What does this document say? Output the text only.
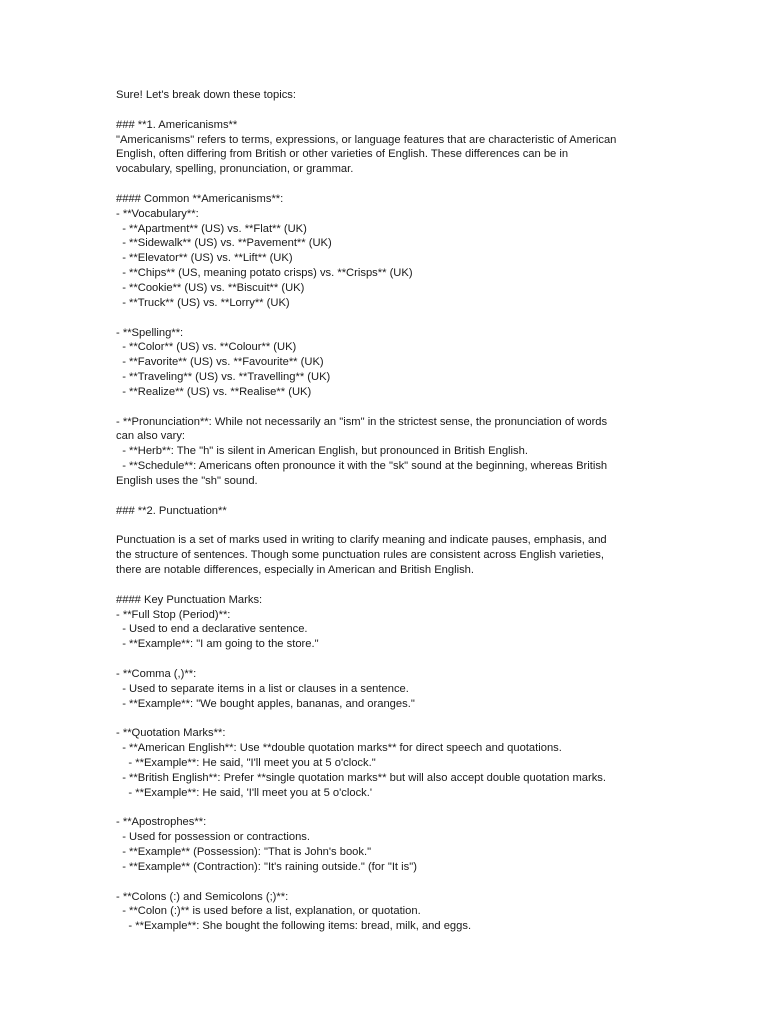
Sure! Let's break down these topics:
### **1. Americanisms**
"Americanisms" refers to terms, expressions, or language features that are characteristic of American
English, often differing from British or other varieties of English. These differences can be in
vocabulary, spelling, pronunciation, or grammar.
#### Common **Americanisms**:
- **Vocabulary**:
- **Apartment** (US) vs. **Flat** (UK)
- **Sidewalk** (US) vs. **Pavement** (UK)
- **Elevator** (US) vs. **Lift** (UK)
- **Chips** (US, meaning potato crisps) vs. **Crisps** (UK)
- **Cookie** (US) vs. **Biscuit** (UK)
- **Truck** (US) vs. **Lorry** (UK)
- **Spelling**:
- **Color** (US) vs. **Colour** (UK)
- **Favorite** (US) vs. **Favourite** (UK)
- **Traveling** (US) vs. **Travelling** (UK)
- **Realize** (US) vs. **Realise** (UK)
- **Pronunciation**: While not necessarily an "ism" in the strictest sense, the pronunciation of words
can also vary:
- **Herb**: The "h" is silent in American English, but pronounced in British English.
- **Schedule**: Americans often pronounce it with the "sk" sound at the beginning, whereas British
English uses the "sh" sound.
### **2. Punctuation**
Punctuation is a set of marks used in writing to clarify meaning and indicate pauses, emphasis, and
the structure of sentences. Though some punctuation rules are consistent across English varieties,
there are notable differences, especially in American and British English.
#### Key Punctuation Marks:
- **Full Stop (Period)**:
- Used to end a declarative sentence.
- **Example**: "I am going to the store."
- **Comma (,)**:
- Used to separate items in a list or clauses in a sentence.
- **Example**: "We bought apples, bananas, and oranges."
- **Quotation Marks**:
- **American English**: Use **double quotation marks** for direct speech and quotations.
- **Example**: He said, "I'll meet you at 5 o'clock."
- **British English**: Prefer **single quotation marks** but will also accept double quotation marks.
- **Example**: He said, 'I'll meet you at 5 o'clock.'
- **Apostrophes**:
- Used for possession or contractions.
- **Example** (Possession): "That is John's book."
- **Example** (Contraction): "It's raining outside." (for "It is")
- **Colons (:) and Semicolons (;)**:
- **Colon (:)** is used before a list, explanation, or quotation.
- **Example**: She bought the following items: bread, milk, and eggs.
